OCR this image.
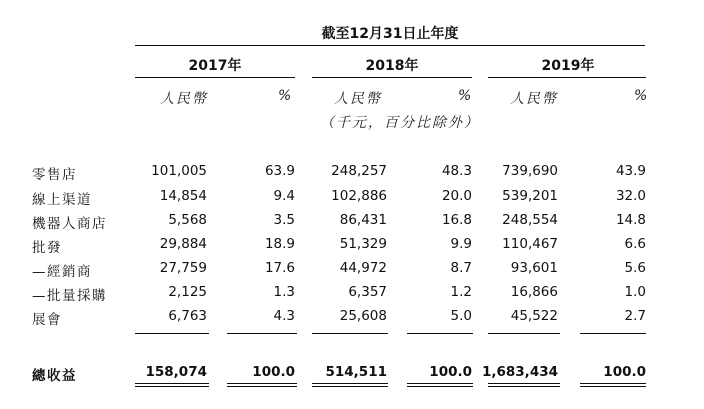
截至12月31日止年度
2017年	2018年	2019年
人民幣	%	人民幣	%	人民幣	%
（千元，百分比除外）
零售店	101,005	63.9	248,257	48.3	739,690	43.9
線上渠道	14,854	9.4	102,886	20.0	539,201	32.0
機器人商店	5,568	3.5	86,431	16.8	248,554	14.8
批發	29,884	18.9	51,329	9.9	110,467	6.6
—經銷商	27,759	17.6	44,972	8.7	93,601	5.6
—批量採購	2,125	1.3	6,357	1.2	16,866	1.0
展會	6,763	4.3	25,608	5.0	45,522	2.7
總收益	158,074	100.0	514,511	100.0 1,683,434	100.0
